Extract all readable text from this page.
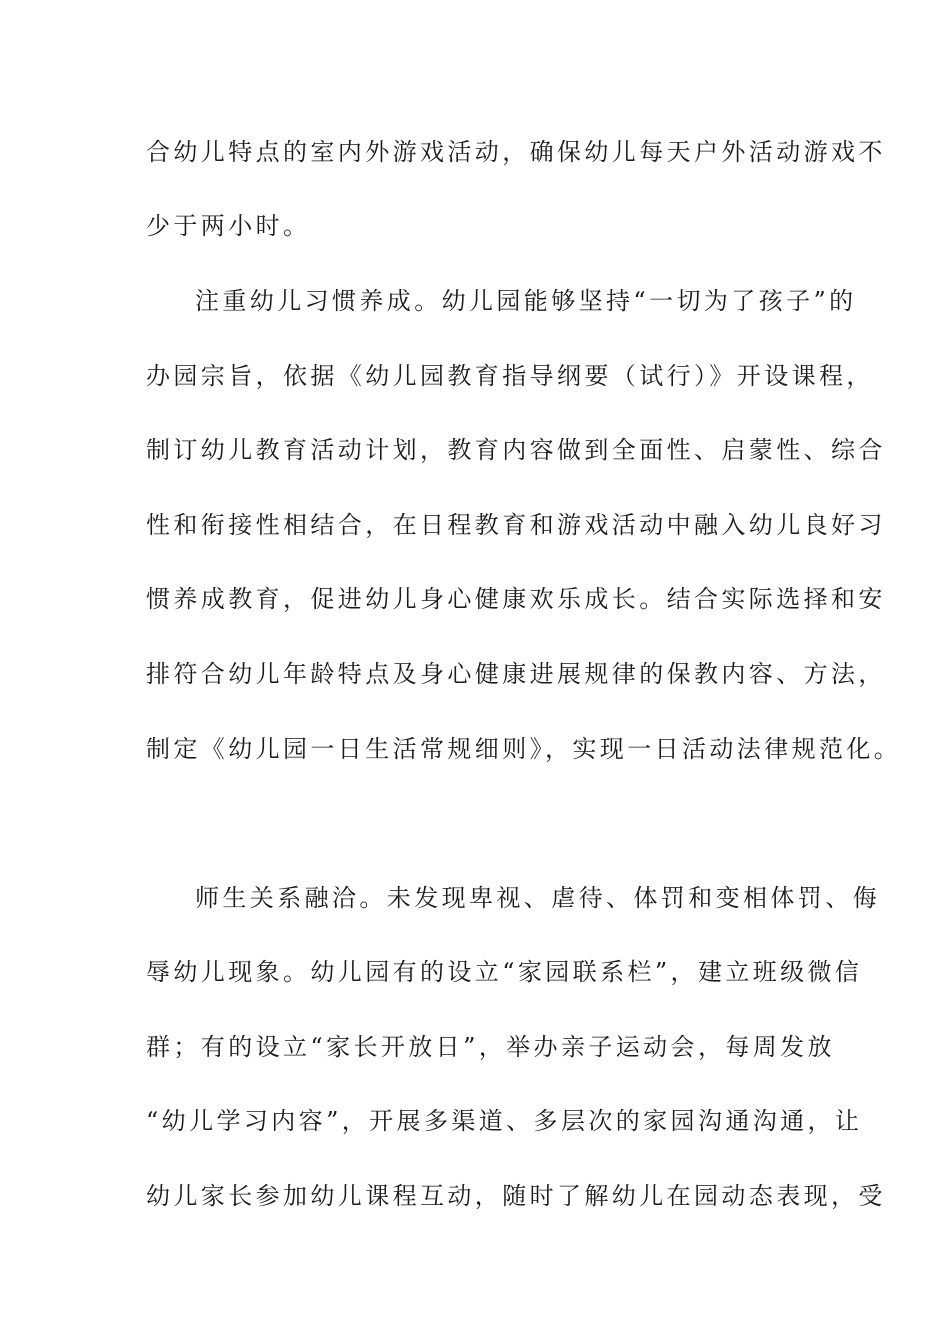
合幼儿特点的室内外游戏活动，确保幼儿每天户外活动游戏不
少于两小时。
注重幼儿习惯养成。幼儿园能够坚持“一切为了孩子”的
办园宗旨，依据《幼儿园教育指导纲要（试行）》开设课程，
制订幼儿教育活动计划，教育内容做到全面性、启蒙性、综合
性和衔接性相结合，在日程教育和游戏活动中融入幼儿良好习
惯养成教育，促进幼儿身心健康欢乐成长。结合实际选择和安
排符合幼儿年龄特点及身心健康进展规律的保教内容、方法，
制定《幼儿园一日生活常规细则》，实现一日活动法律规范化。
师生关系融洽。未发现卑视、虐待、体罚和变相体罚、侮
辱幼儿现象。幼儿园有的设立“家园联系栏”，建立班级微信
群；有的设立“家长开放日”，举办亲子运动会，每周发放
“幼儿学习内容”，开展多渠道、多层次的家园沟通沟通，让
幼儿家长参加幼儿课程互动，随时了解幼儿在园动态表现，受
